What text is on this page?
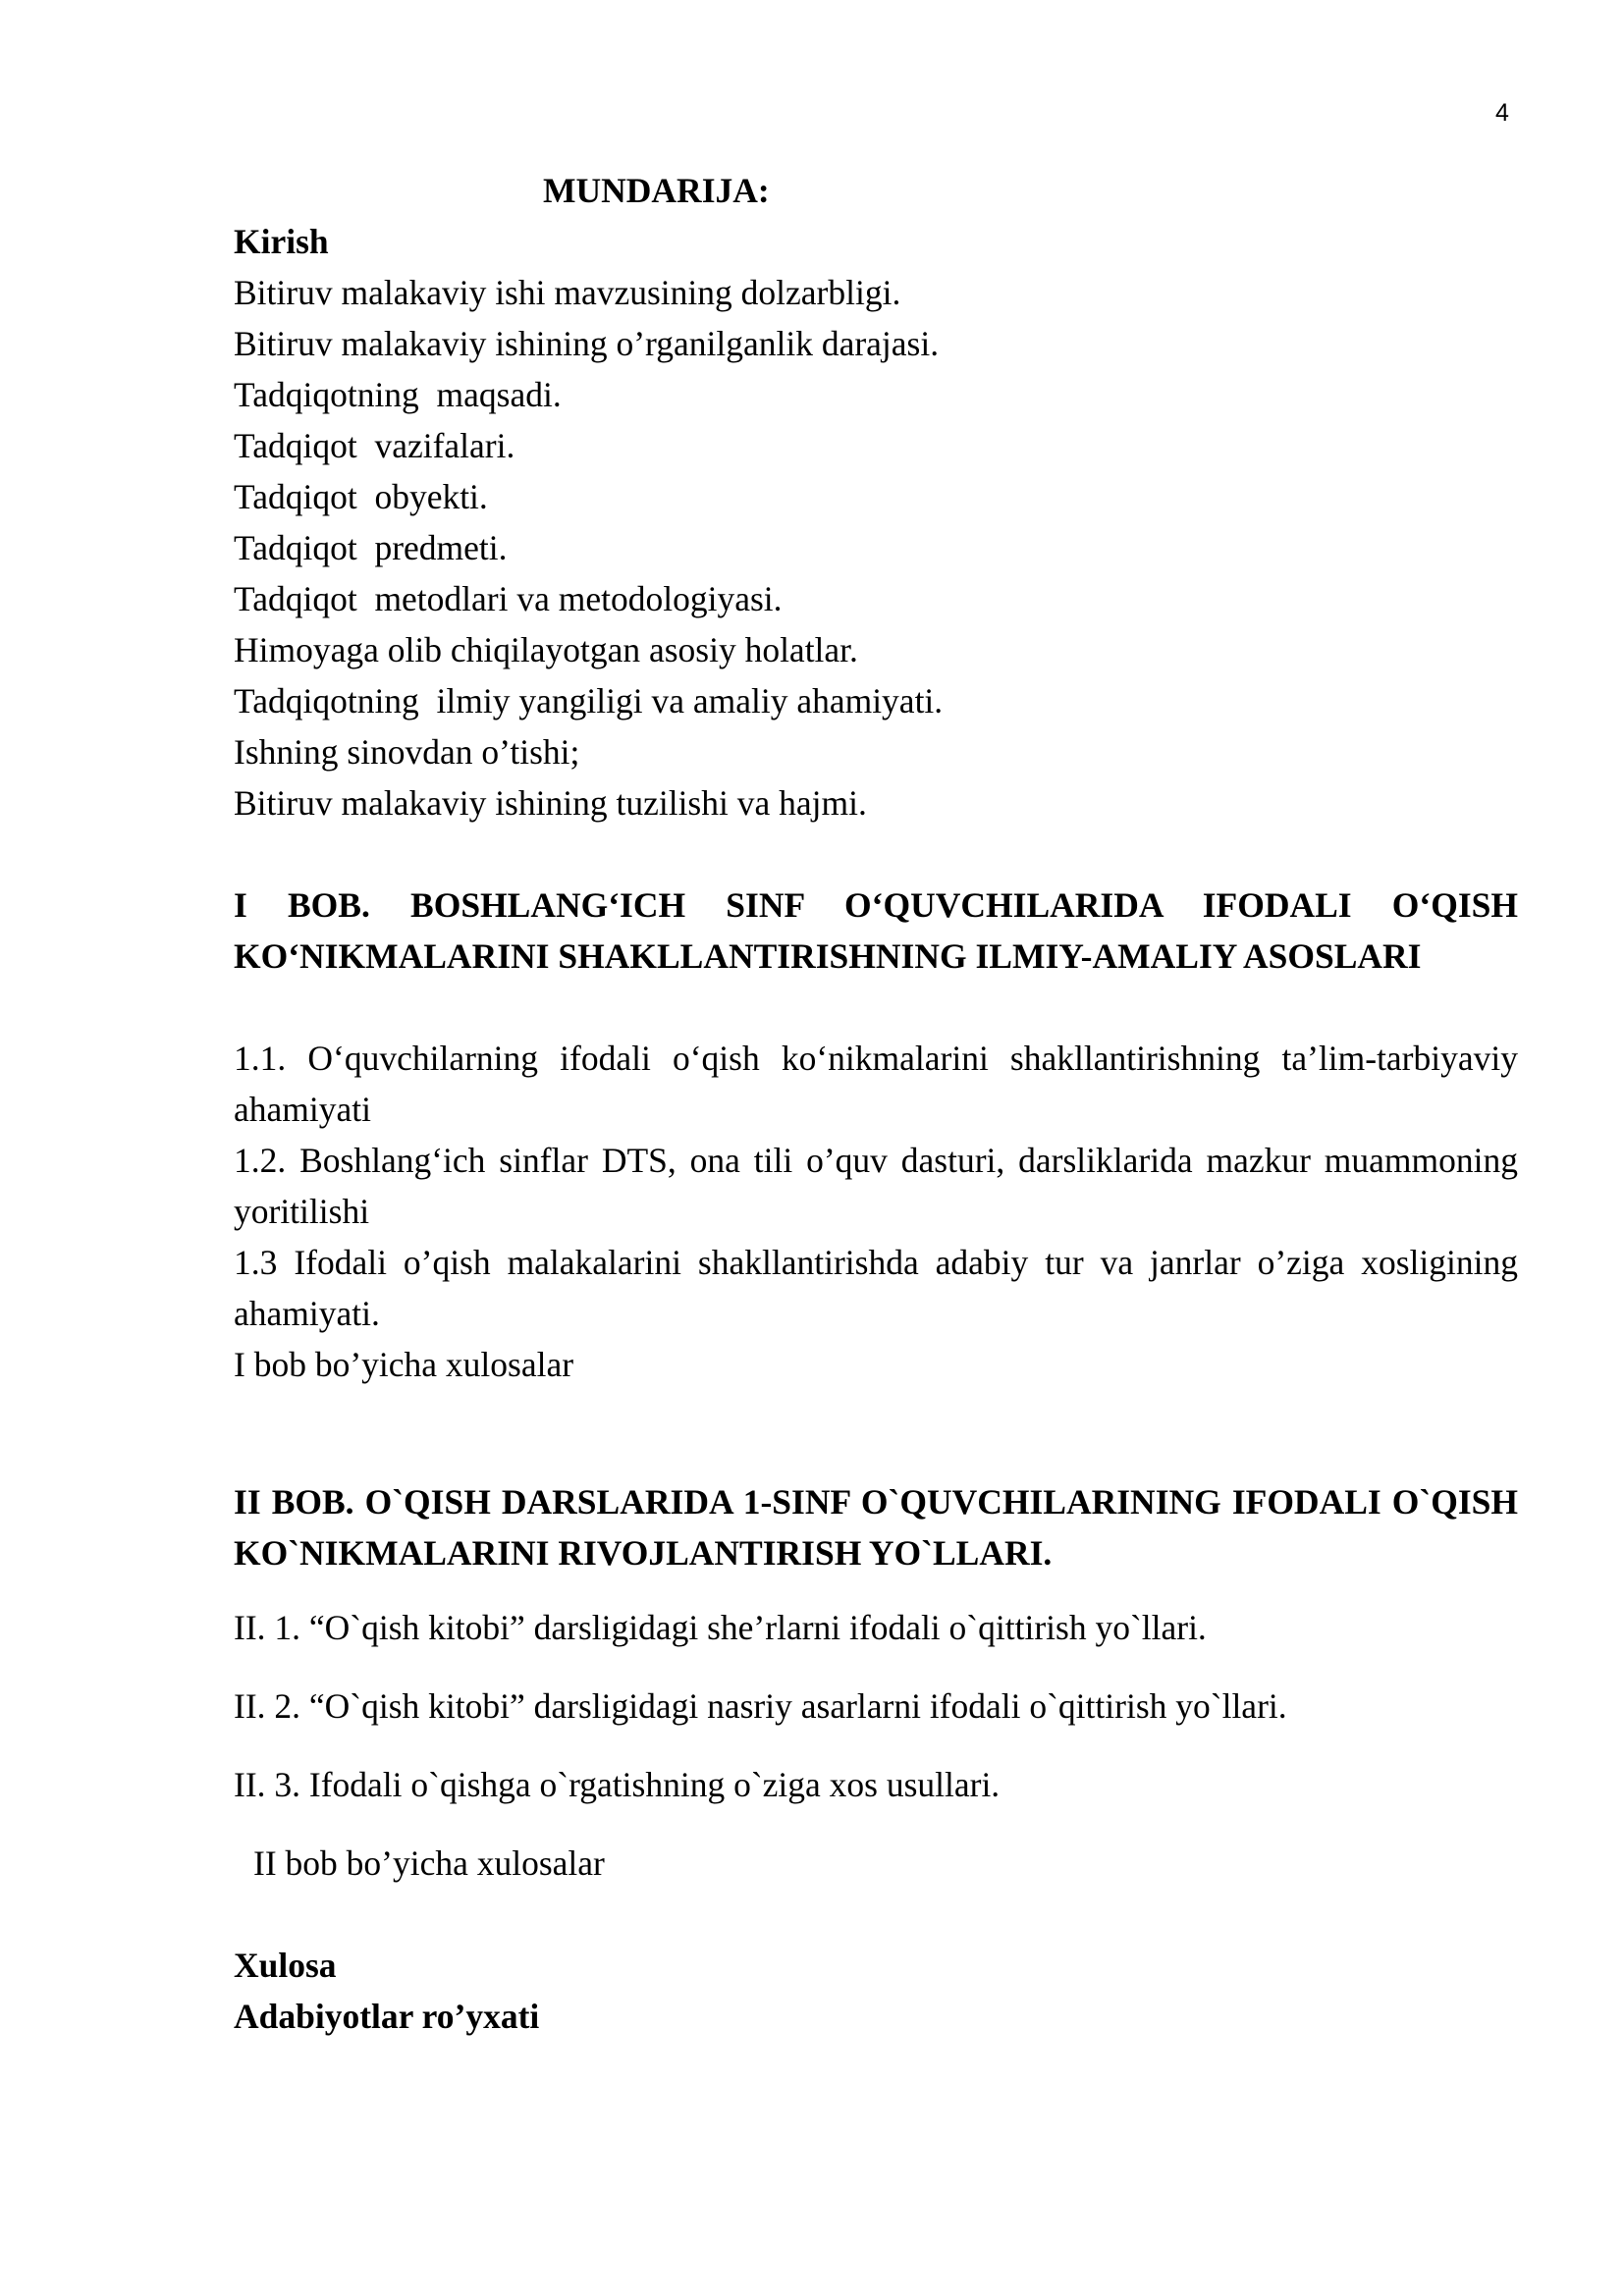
4
MUNDARIJA:
Kirish
Bitiruv malakaviy ishi mavzusining dolzarbligi.
Bitiruv malakaviy ishining o’rganilganlik darajasi.
Tadqiqotning  maqsadi.
Tadqiqot  vazifalari.
Tadqiqot  obyekti.
Tadqiqot  predmeti.
Tadqiqot  metodlari va metodologiyasi.
Himoyaga olib chiqilayotgan asosiy holatlar.
Tadqiqotning  ilmiy yangiligi va amaliy ahamiyati.
Ishning sinovdan o’tishi;
Bitiruv malakaviy ishining tuzilishi va hajmi.
I BOB. BOSHLANG‘ICH SINF O‘QUVCHILARIDA IFODALI O‘QISH KO‘NIKMALARINI SHAKLLANTIRISHNING ILMIY-AMALIY ASOSLARI
1.1. O‘quvchilarning ifodali o‘qish ko‘nikmalarini shakllantirishning ta’lim-tarbiyaviy ahamiyati
1.2. Boshlang‘ich sinflar DTS, ona tili o’quv dasturi, darsliklarida mazkur muammoning yoritilishi
1.3 Ifodali o’qish malakalarini shakllantirishda adabiy tur va janrlar o’ziga xosligining ahamiyati.
I bob bo’yicha xulosalar
II BOB. O`QISH DARSLARIDA 1-SINF O`QUVCHILARINING IFODALI O`QISH KO`NIKMALARINI RIVOJLANTIRISH YO`LLARI.
II. 1. “O`qish kitobi” darsligidagi she’rlarni ifodali o`qittirish yo`llari.
II. 2. “O`qish kitobi” darsligidagi nasriy asarlarni ifodali o`qittirish yo`llari.
II. 3. Ifodali o`qishga o`rgatishning o`ziga xos usullari.
II bob bo’yicha xulosalar
Xulosa
Adabiyotlar ro’yxati
